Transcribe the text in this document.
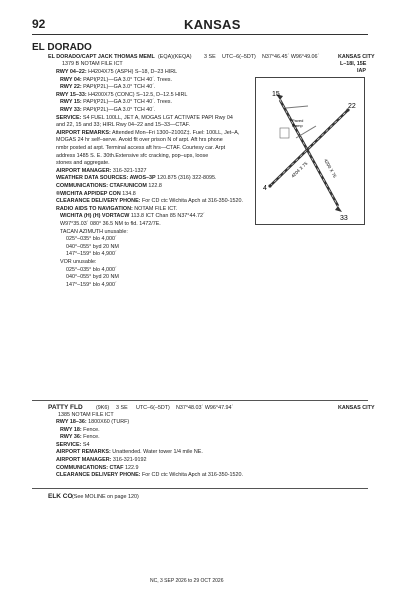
92	KANSAS
EL DORADO
EL DORADO/CAPT JACK THOMAS MEML (EQA)(KEQA) 3 SE UTC–6(–5DT) N37°46.45´ W96°49.06´	KANSAS CITY
1379 B NOTAM FILE ICT	L–18I, 15E
IAP
RWY 04–22: H4204X75 (ASPH) S–18, D–23 HIRL
RWY 04: PAPI(P2L)—GA 3.0° TCH 40´. Trees.
RWY 22: PAPI(P2L)—GA 3.0° TCH 40´.
RWY 15–33: H4200X75 (CONC) S–12.5, D–12.5 HIRL
RWY 15: PAPI(P2L)—GA 3.0° TCH 40´. Trees.
RWY 33: PAPI(P2L)—GA 3.0° TCH 40´.
SERVICE: S4 FUEL 100LL, JET A, MOGAS LGT ACTIVATE PAPI Rwy 04
and 22, 15 and 33; HIRL Rwy 04–22 and 15–33—CTAF.
AIRPORT REMARKS: Attended Mon–Fri 1300–2100Z‡. Fuel: 100LL, Jet–A,
MOGAS 24 hr self–serve. Avoid flt over prison N of arpt. Aft hrs phone
nmbr posted at arpt. Terminal access aft hrs—CTAF. Courtesy car. Arpt
address 1485 S. E. 30th.Extensive sfc cracking, pop–ups, loose
stones and aggregate.
AIRPORT MANAGER: 316-321-1327
WEATHER DATA SOURCES: AWOS–3P 120.875 (316) 322-8095.
COMMUNICATIONS: CTAF/UNICOM 122.8
®WICHITA APP/DEP CON 134.8
CLEARANCE DELIVERY PHONE: For CD ctc Wichita Apch at 316-350-1520.
RADIO AIDS TO NAVIGATION: NOTAM FILE ICT.
WICHITA (H) (H) VORTACW 113.8 ICT Chan 85 N37°44.72´
W97°35.03´ 080° 36.5 NM to fld. 1472/7E.
TACAN AZIMUTH unusable:
025°–035° blo 4,000´
040°–055° byd 20 NM
147°–159° blo 4,900´
VOR unusable:
025°–035° blo 4,000´
040°–055° byd 20 NM
147°–159° blo 4,900´
15
22
4
33
4204 X 75	4200 X 75
Paved
Ramp
PATTY FLD (9K6) 3 SE UTC–6(–5DT) N37°48.03´ W96°47.94´	KANSAS CITY
1385 NOTAM FILE ICT
RWY 18–36: 1800X60 (TURF)
RWY 18: Fence.
RWY 36: Fence.
SERVICE: S4
AIRPORT REMARKS: Unattended. Water tower 1/4 mile NE.
AIRPORT MANAGER: 316-321-9192
COMMUNICATIONS: CTAF 122.9
CLEARANCE DELIVERY PHONE: For CD ctc Wichita Apch at 316-350-1520.
ELK CO (See MOLINE on page 120)
NC, 3 SEP 2026 to 29 OCT 2026
